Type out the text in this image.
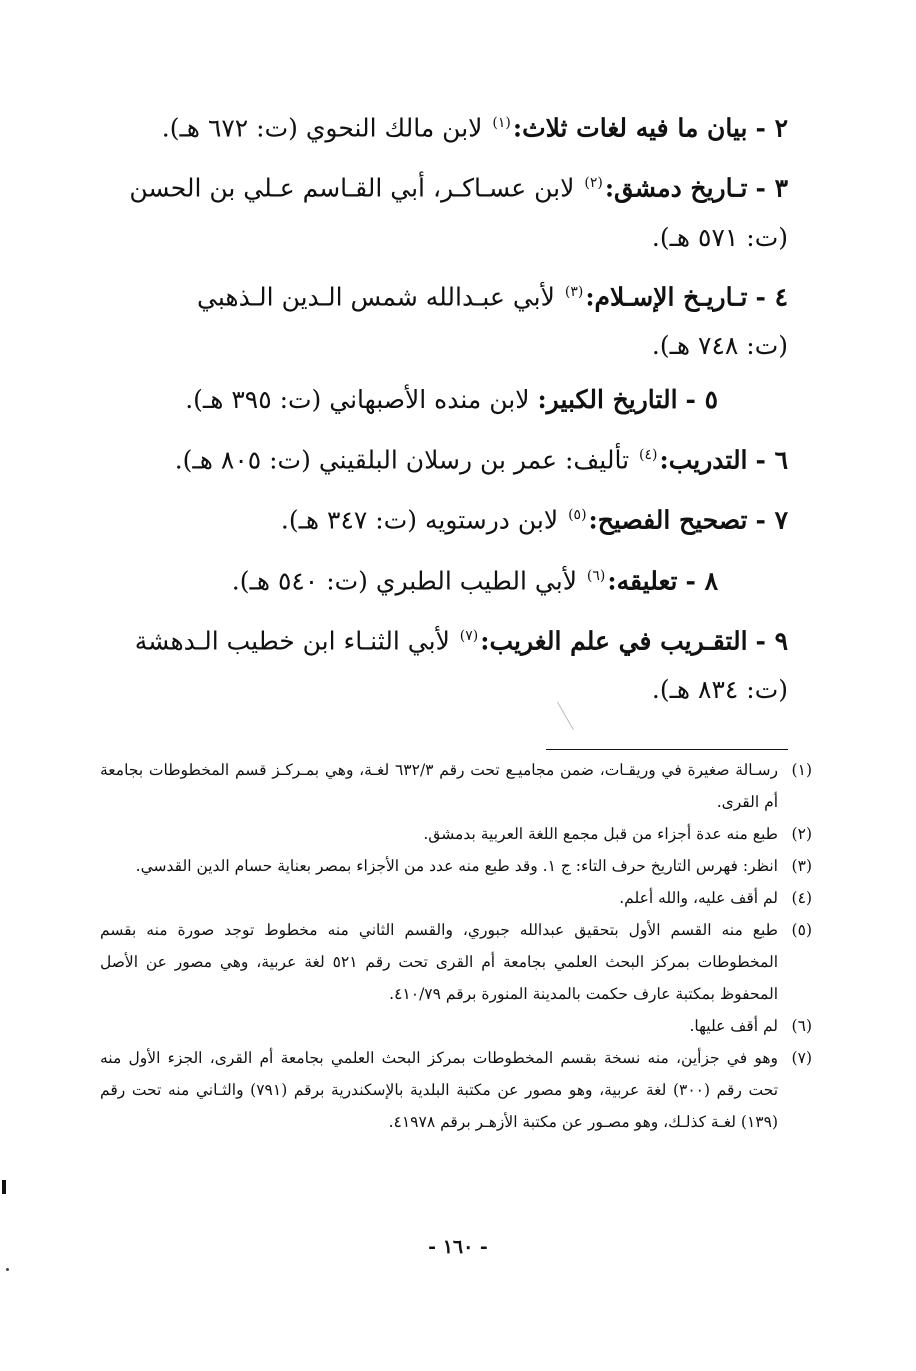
٢ - بيان ما فيه لغات ثلاث:$^{(١)}$ لابن مالك النحوي (ت: ٦٧٢ هـ).

٣ - تـاريخ دمشق:$^{(٢)}$ لابن عسـاكـر، أبي القـاسم عـلي بن الحسن
(ت: ٥٧١ هـ).

٤ - تـاريـخ الإسـلام:$^{(٣)}$ لأبي عبـدالله شمس الـدين الـذهبي
(ت: ٧٤٨ هـ).

٥ - التاريخ الكبير: لابن منده الأصبهاني (ت: ٣٩٥ هـ).

٦ - التدريب:$^{(٤)}$ تأليف: عمر بن رسلان البلقيني (ت: ٨٠٥ هـ).

٧ - تصحيح الفصيح:$^{(٥)}$ لابن درستويه (ت: ٣٤٧ هـ).

٨ - تعليقه:$^{(٦)}$ لأبي الطيب الطبري (ت: ٥٤٠ هـ).

٩ - التقـريب في علم الغريب:$^{(٧)}$ لأبي الثنـاء ابن خطيب الـدهشة
(ت: ٨٣٤ هـ).

(١)
رسـالة صغيرة في وريقـات، ضمن مجاميـع تحت رقم ٦٣٢/٣ لغـة، وهي بمـركـز قسم المخطوطات بجامعة أم القرى.
(٢)
طبع منه عدة أجزاء من قبل مجمع اللغة العربية بدمشق.
(٣)
انظر: فهرس التاريخ حرف التاء: ج ١. وقد طبع منه عدد من الأجزاء بمصر بعناية حسام الدين القدسي.
(٤)
لم أقف عليه، والله أعلم.
(٥)
طبع منه القسم الأول بتحقيق عبدالله جبوري، والقسم الثاني منه مخطوط توجد صورة منه بقسم المخطوطات بمركز البحث العلمي بجامعة أم القرى تحت رقم ٥٢١ لغة عربية، وهي مصور عن الأصل المحفوظ بمكتبة عارف حكمت بالمدينة المنورة برقم ٤١٠/٧٩.
(٦)
لم أقف عليها.
(٧)
وهو في جزأين، منه نسخة بقسم المخطوطات بمركز البحث العلمي بجامعة أم القرى، الجزء الأول منه تحت رقم (٣٠٠) لغة عربية، وهو مصور عن مكتبة البلدية بالإسكندرية برقم (٧٩١) والثـاني منه تحت رقم (١٣٩) لغـة كذلـك، وهو مصـور عن مكتبة الأزهـر برقم ٤١٩٧٨.
- ١٦٠ -
